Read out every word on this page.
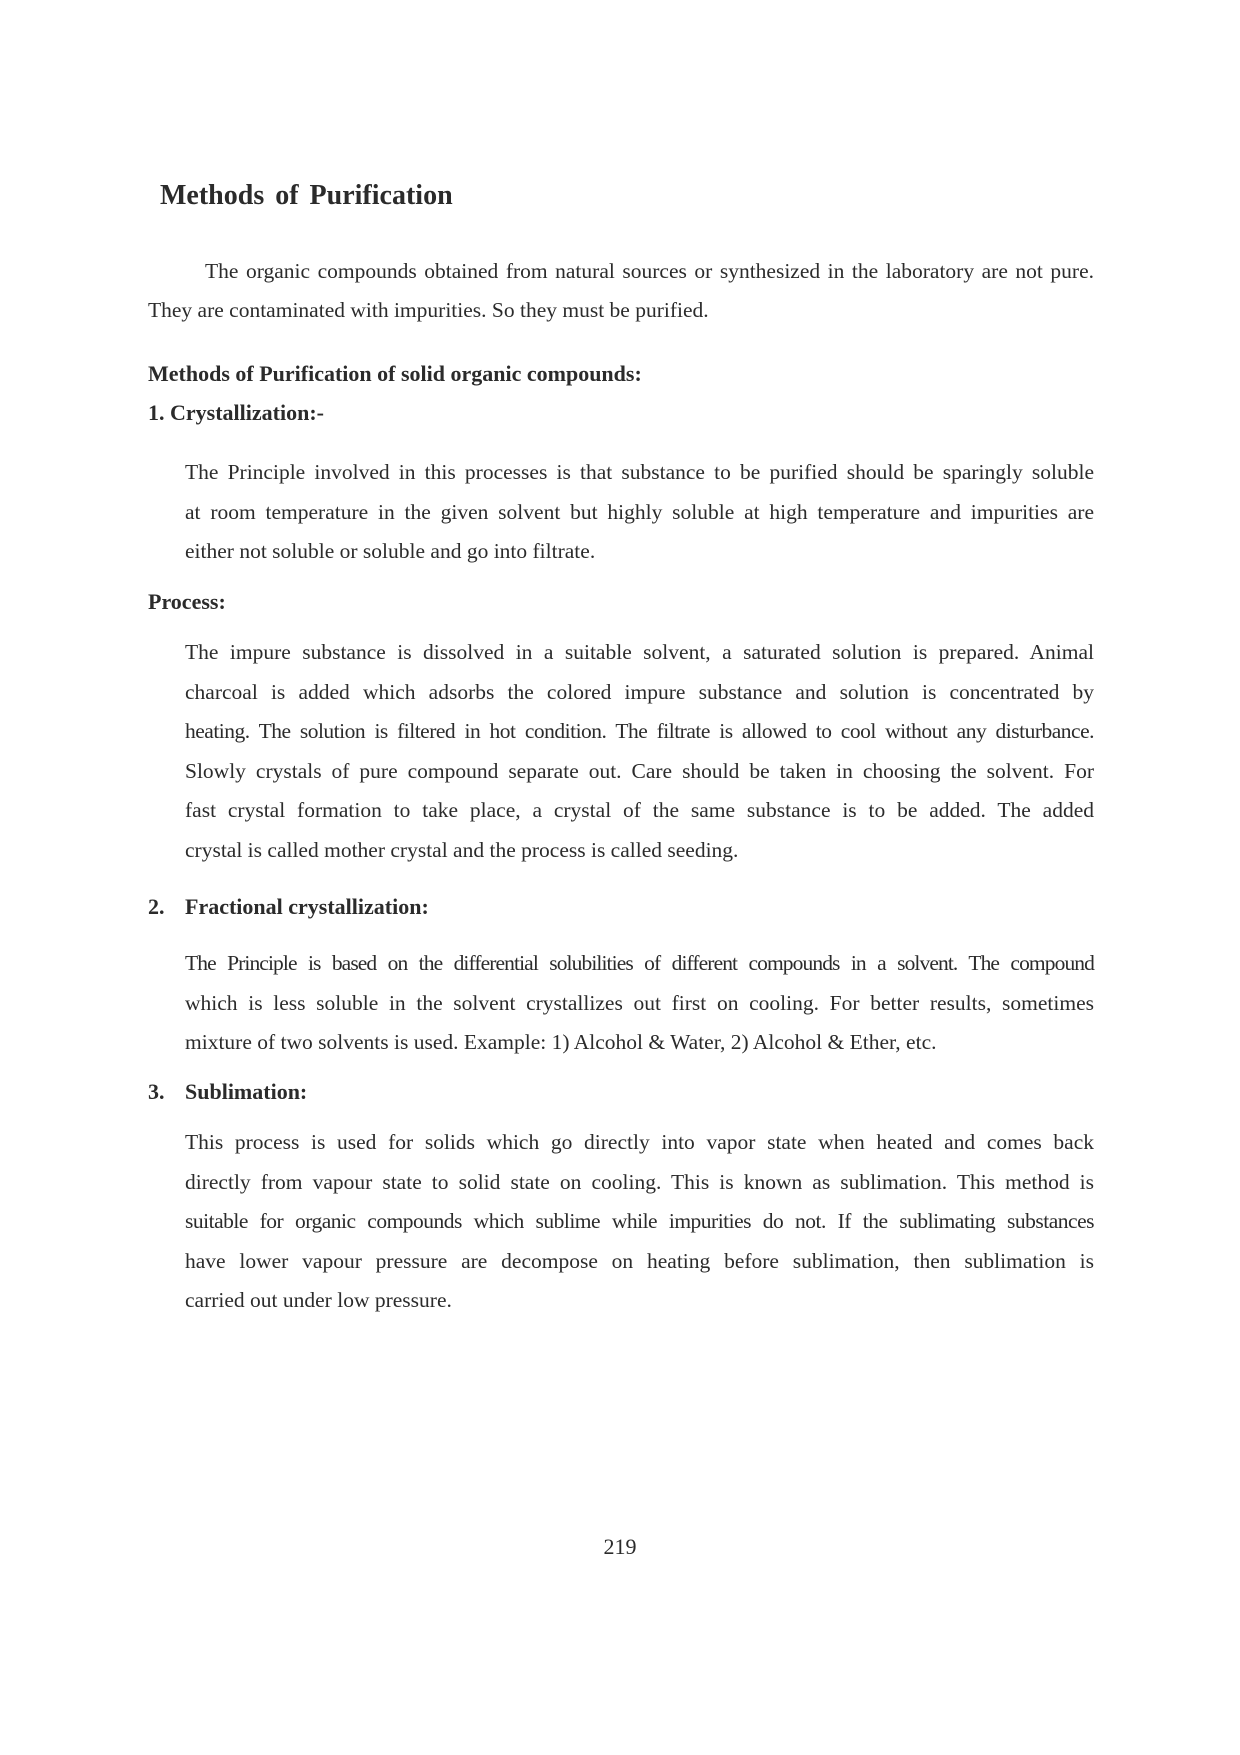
Methods of Purification

The organic compounds obtained from natural sources or synthesized in the laboratory are not pure. They are contaminated with impurities. So they must be purified.

Methods of Purification of solid organic compounds:
1. Crystallization:-

The Principle involved in this processes is that substance to be purified should be sparingly soluble
at room temperature in the given solvent but highly soluble at high temperature and impurities are
either not soluble or soluble and go into filtrate.

Process:

The impure substance is dissolved in a suitable solvent, a saturated solution is prepared. Animal
charcoal is added which adsorbs the colored impure substance and solution is concentrated by
heating. The solution is filtered in hot condition. The filtrate is allowed to cool without any disturbance.
Slowly crystals of pure compound separate out. Care should be taken in choosing the solvent. For
fast crystal formation to take place, a crystal of the same substance is to be added. The added
crystal is called mother crystal and the process is called seeding.

2. Fractional crystallization:

The Principle is based on the differential solubilities of different compounds in a solvent. The compound
which is less soluble in the solvent crystallizes out first on cooling. For better results, sometimes
mixture of two solvents is used. Example: 1) Alcohol & Water, 2) Alcohol & Ether, etc.

3. Sublimation:

This process is used for solids which go directly into vapor state when heated and comes back
directly from vapour state to solid state on cooling. This is known as sublimation. This method is
suitable for organic compounds which sublime while impurities do not. If the sublimating substances
have lower vapour pressure are decompose on heating before sublimation, then sublimation is
carried out under low pressure.

219
